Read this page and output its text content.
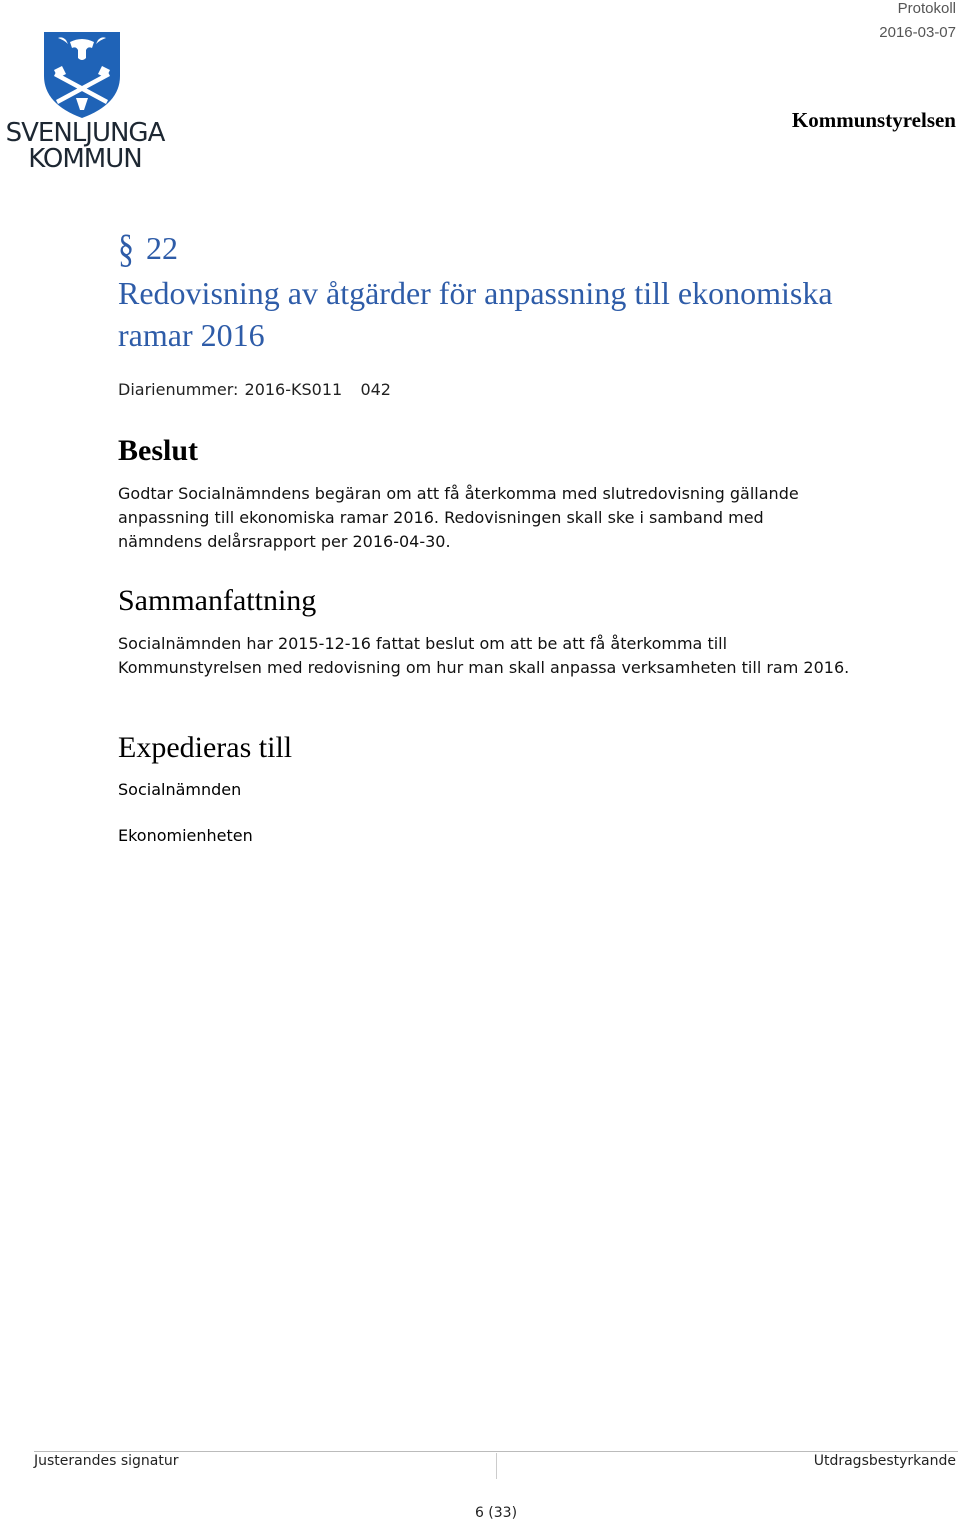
SVENLJUNGA
KOMMUN
Protokoll
2016-03-07
Kommunstyrelsen
§ 22
Redovisning av åtgärder för anpassning till ekonomiska ramar 2016
Diarienummer: 2016-KS011   042
Beslut
Godtar Socialnämndens begäran om att få återkomma med slutredovisning gällande anpassning till ekonomiska ramar 2016. Redovisningen skall ske i samband med nämndens delårsrapport per 2016-04-30.
Sammanfattning
Socialnämnden har 2015-12-16 fattat beslut om att be att få återkomma till Kommunstyrelsen med redovisning om hur man skall anpassa verksamheten till ram 2016.
Expedieras till
Socialnämnden
Ekonomienheten
Justerandes signatur	Utdragsbestyrkande
6 (33)
